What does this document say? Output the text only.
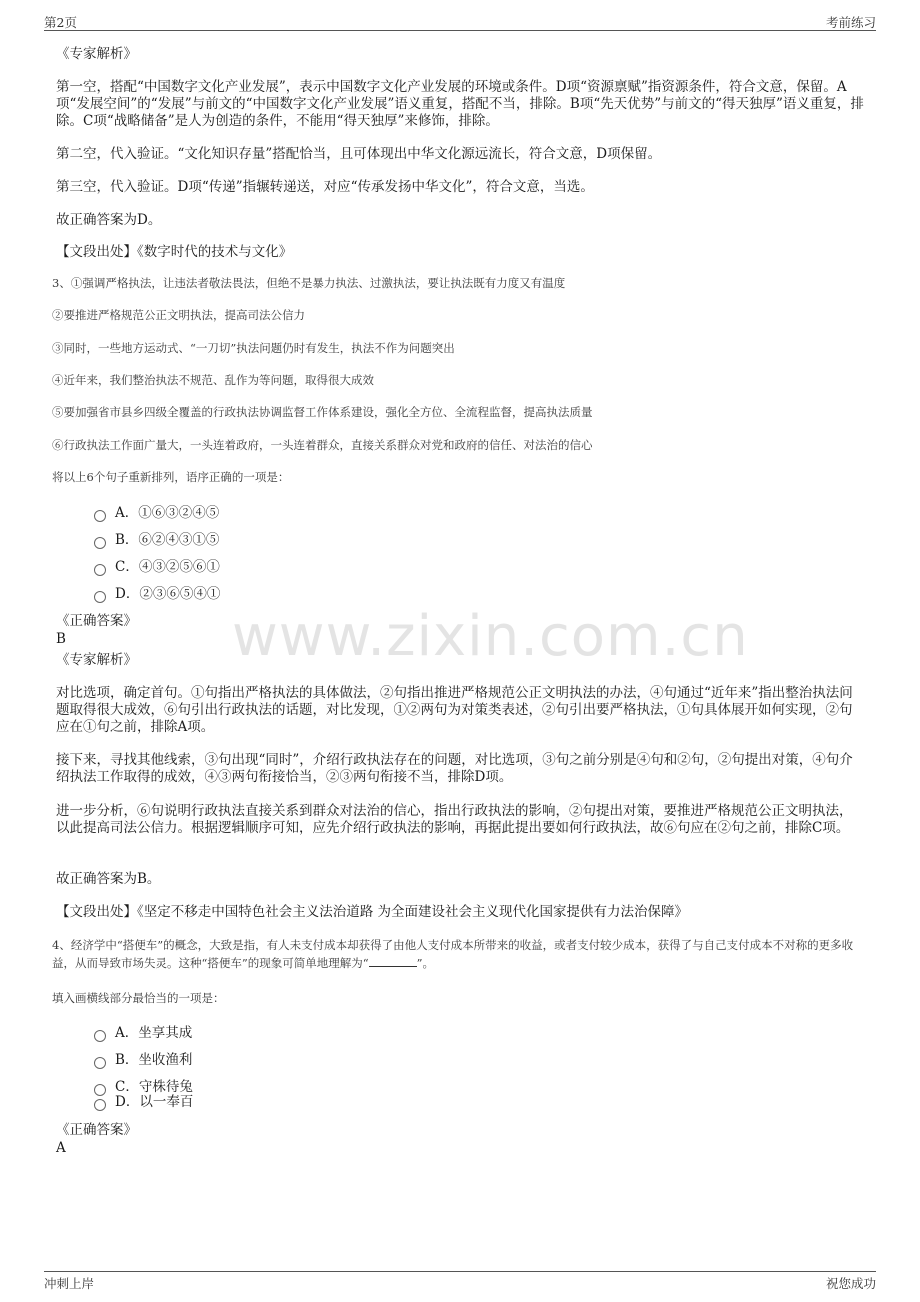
第2页	考前练习
www.zixin.com.cn
《专家解析》
第一空，搭配“中国数字文化产业发展”，表示中国数字文化产业发展的环境或条件。D项“资源禀赋”指资源条件，符合文意，保留。A项“发展空间”的“发展”与前文的“中国数字文化产业发展”语义重复，搭配不当，排除。B项“先天优势”与前文的“得天独厚”语义重复，排除。C项“战略储备”是人为创造的条件，不能用“得天独厚”来修饰，排除。
第二空，代入验证。“文化知识存量”搭配恰当，且可体现出中华文化源远流长，符合文意，D项保留。
第三空，代入验证。D项“传递”指辗转递送，对应“传承发扬中华文化”，符合文意，当选。
故正确答案为D。
【文段出处】《数字时代的技术与文化》
3、①强调严格执法，让违法者敬法畏法，但绝不是暴力执法、过激执法，要让执法既有力度又有温度
②要推进严格规范公正文明执法，提高司法公信力
③同时，一些地方运动式、“一刀切”执法问题仍时有发生，执法不作为问题突出
④近年来，我们整治执法不规范、乱作为等问题，取得很大成效
⑤要加强省市县乡四级全覆盖的行政执法协调监督工作体系建设，强化全方位、全流程监督，提高执法质量
⑥行政执法工作面广量大，一头连着政府，一头连着群众，直接关系群众对党和政府的信任、对法治的信心
将以上6个句子重新排列，语序正确的一项是：
A．①⑥③②④⑤
B．⑥②④③①⑤
C．④③②⑤⑥①
D．②③⑥⑤④①
《正确答案》
B
《专家解析》
对比选项，确定首句。①句指出严格执法的具体做法，②句指出推进严格规范公正文明执法的办法，④句通过“近年来”指出整治执法问题取得很大成效，⑥句引出行政执法的话题，对比发现，①②两句为对策类表述，②句引出要严格执法，①句具体展开如何实现，②句应在①句之前，排除A项。
接下来，寻找其他线索，③句出现“同时”，介绍行政执法存在的问题，对比选项，③句之前分别是④句和②句，②句提出对策，④句介绍执法工作取得的成效，④③两句衔接恰当，②③两句衔接不当，排除D项。
进一步分析，⑥句说明行政执法直接关系到群众对法治的信心，指出行政执法的影响，②句提出对策，要推进严格规范公正文明执法，以此提高司法公信力。根据逻辑顺序可知，应先介绍行政执法的影响，再据此提出要如何行政执法，故⑥句应在②句之前，排除C项。
故正确答案为B。
【文段出处】《坚定不移走中国特色社会主义法治道路 为全面建设社会主义现代化国家提供有力法治保障》
4、经济学中“搭便车”的概念，大致是指，有人未支付成本却获得了由他人支付成本所带来的收益，或者支付较少成本，获得了与自己支付成本不对称的更多收益，从而导致市场失灵。这种“搭便车”的现象可简单地理解为“	”。
填入画横线部分最恰当的一项是：
A．坐享其成
B．坐收渔利
C．守株待兔
D．以一奉百
《正确答案》
A
冲刺上岸	祝您成功
